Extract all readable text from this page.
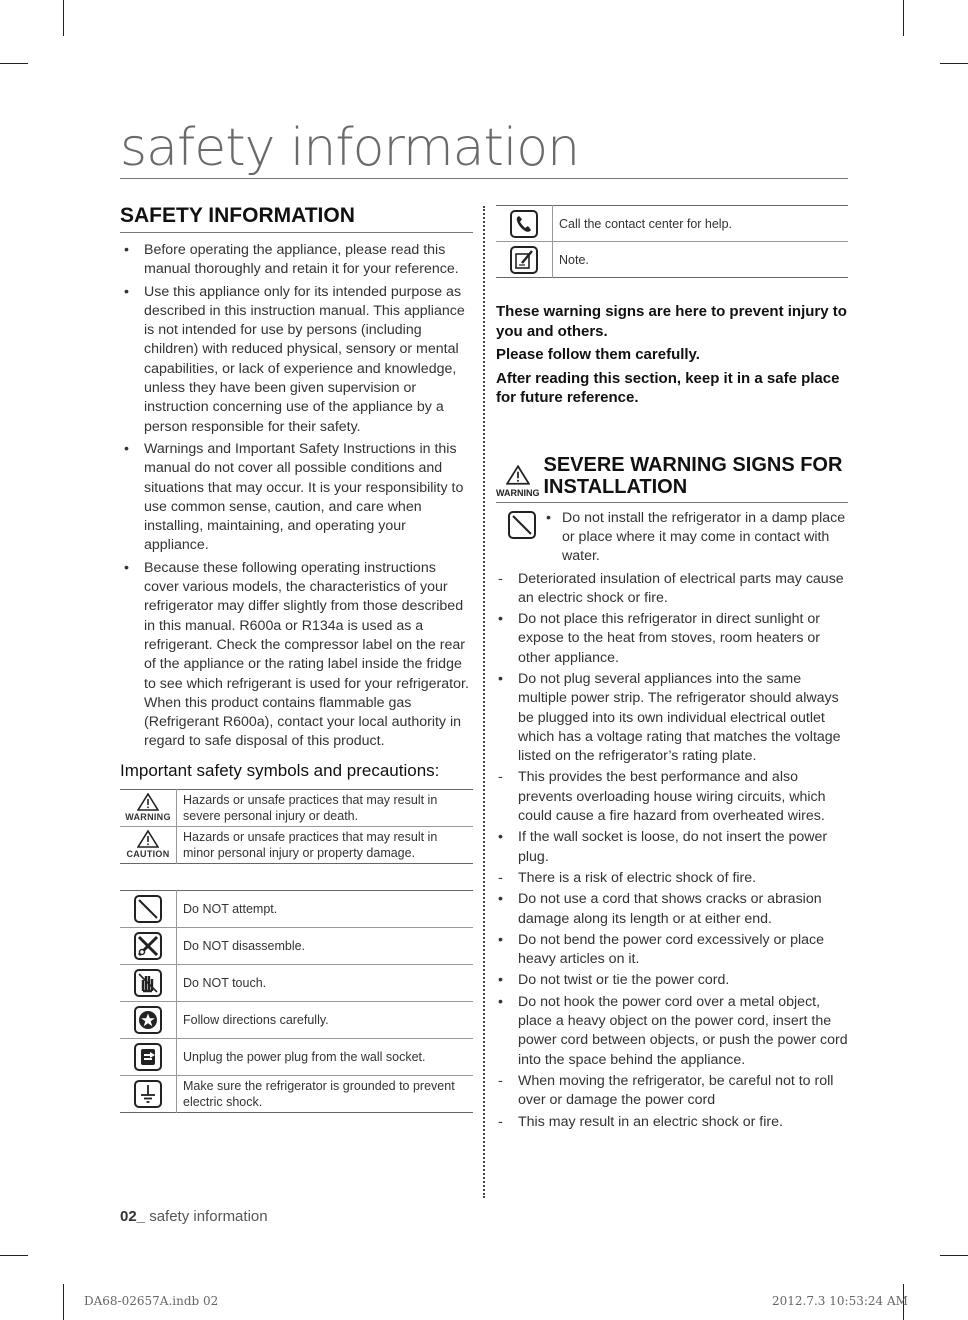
safety information
SAFETY INFORMATION
• Before operating the appliance, please read this manual thoroughly and retain it for your reference.
• Use this appliance only for its intended purpose as described in this instruction manual. This appliance is not intended for use by persons (including children) with reduced physical, sensory or mental capabilities, or lack of experience and knowledge, unless they have been given supervision or instruction concerning use of the appliance by a person responsible for their safety.
• Warnings and Important Safety Instructions in this manual do not cover all possible conditions and situations that may occur. It is your responsibility to use common sense, caution, and care when installing, maintaining, and operating your appliance.
• Because these following operating instructions cover various models, the characteristics of your refrigerator may differ slightly from those described in this manual. R600a or R134a is used as a refrigerant. Check the compressor label on the rear of the appliance or the rating label inside the fridge to see which refrigerant is used for your refrigerator. When this product contains flammable gas (Refrigerant R600a), contact your local authority in regard to safe disposal of this product.
Important safety symbols and precautions:
WARNING	Hazards or unsafe practices that may result in severe personal injury or death.

CAUTION	Hazards or unsafe practices that may result in minor personal injury or property damage.
	Do NOT attempt.

	Do NOT disassemble.

	Do NOT touch.

	Follow directions carefully.

	Unplug the power plug from the wall socket.

	Make sure the refrigerator is grounded to prevent electric shock.
	Call the contact center for help.

	Note.

These warning signs are here to prevent injury to you and others.

Please follow them carefully.

After reading this section, keep it in a safe place for future reference.

WARNING
SEVERE WARNING SIGNS FOR INSTALLATION
• Do not install the refrigerator in a damp place or place where it may come in contact with water.
- Deteriorated insulation of electrical parts may cause an electric shock or fire.
• Do not place this refrigerator in direct sunlight or expose to the heat from stoves, room heaters or other appliance.
• Do not plug several appliances into the same multiple power strip. The refrigerator should always be plugged into its own individual electrical outlet which has a voltage rating that matches the voltage listed on the refrigerator’s rating plate.
- This provides the best performance and also prevents overloading house wiring circuits, which could cause a fire hazard from overheated wires.
• If the wall socket is loose, do not insert the power plug.
- There is a risk of electric shock of fire.
• Do not use a cord that shows cracks or abrasion damage along its length or at either end.
• Do not bend the power cord excessively or place heavy articles on it.
• Do not twist or tie the power cord.
• Do not hook the power cord over a metal object, place a heavy object on the power cord, insert the power cord between objects, or push the power cord into the space behind the appliance.
- When moving the refrigerator, be careful not to roll over or damage the power cord
- This may result in an electric shock or fire.
02_ safety information
DA68-02657A.indb 02	2012.7.3 10:53:24 AM
